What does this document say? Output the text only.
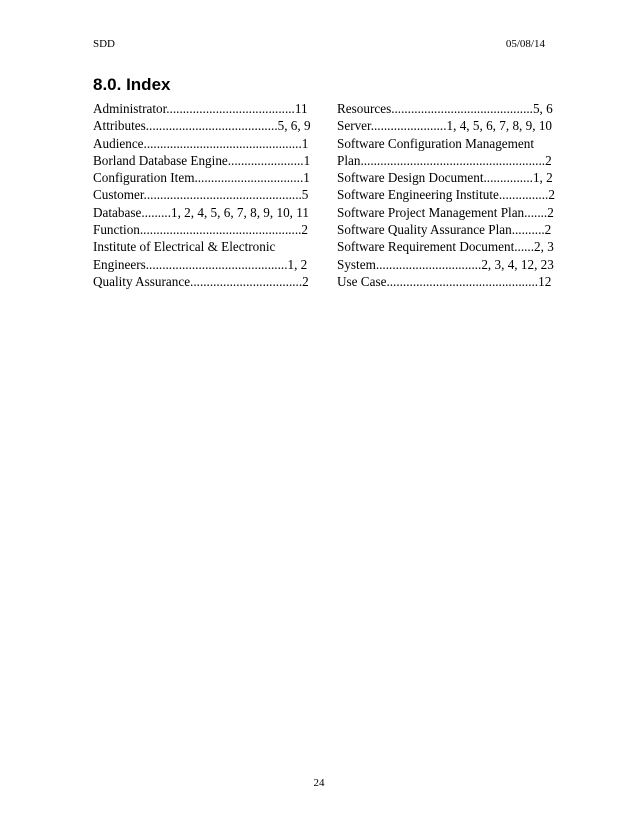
SDD	05/08/14
8.0. Index
Administrator.......................................11
Attributes........................................5, 6, 9
Audience................................................1
Borland Database Engine.......................1
Configuration Item.................................1
Customer................................................5
Database.........1, 2, 4, 5, 6, 7, 8, 9, 10, 11
Function.................................................2
Institute of Electrical & Electronic
Engineers...........................................1, 2
Quality Assurance..................................2
Resources...........................................5, 6
Server.......................1, 4, 5, 6, 7, 8, 9, 10
Software Configuration Management
Plan........................................................2
Software Design Document...............1, 2
Software Engineering Institute...............2
Software Project Management Plan.......2
Software Quality Assurance Plan..........2
Software Requirement Document......2, 3
System................................2, 3, 4, 12, 23
Use Case..............................................12
24
